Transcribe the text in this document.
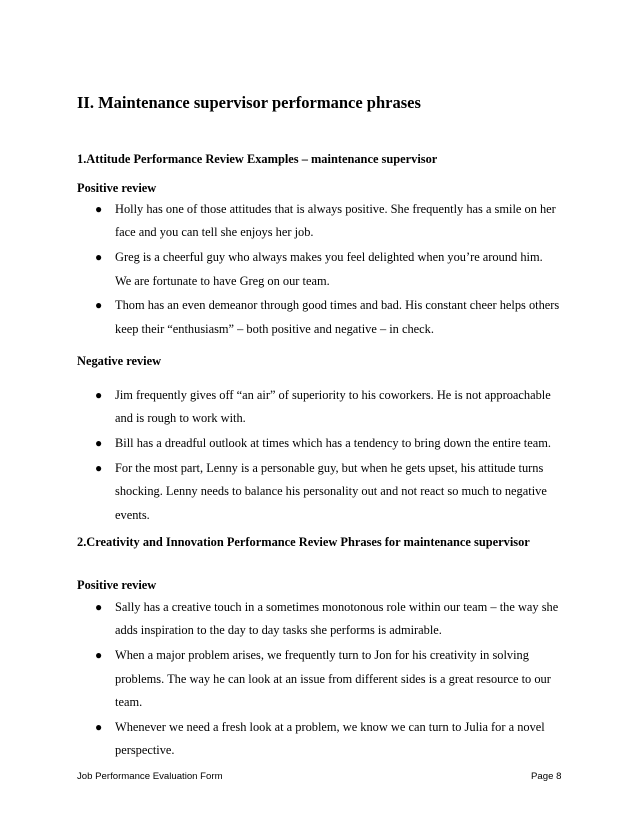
II. Maintenance supervisor performance phrases
1.Attitude Performance Review Examples – maintenance supervisor
Positive review
● Holly has one of those attitudes that is always positive. She frequently has a smile on her face and you can tell she enjoys her job.
● Greg is a cheerful guy who always makes you feel delighted when you’re around him. We are fortunate to have Greg on our team.
● Thom has an even demeanor through good times and bad. His constant cheer helps others keep their “enthusiasm” – both positive and negative – in check.
Negative review
● Jim frequently gives off “an air” of superiority to his coworkers. He is not approachable and is rough to work with.
● Bill has a dreadful outlook at times which has a tendency to bring down the entire team.
● For the most part, Lenny is a personable guy, but when he gets upset, his attitude turns shocking. Lenny needs to balance his personality out and not react so much to negative events.
2.Creativity and Innovation Performance Review Phrases for maintenance supervisor
Positive review
● Sally has a creative touch in a sometimes monotonous role within our team – the way she adds inspiration to the day to day tasks she performs is admirable.
● When a major problem arises, we frequently turn to Jon for his creativity in solving problems. The way he can look at an issue from different sides is a great resource to our team.
● Whenever we need a fresh look at a problem, we know we can turn to Julia for a novel perspective.
Job Performance Evaluation Form	Page 8
